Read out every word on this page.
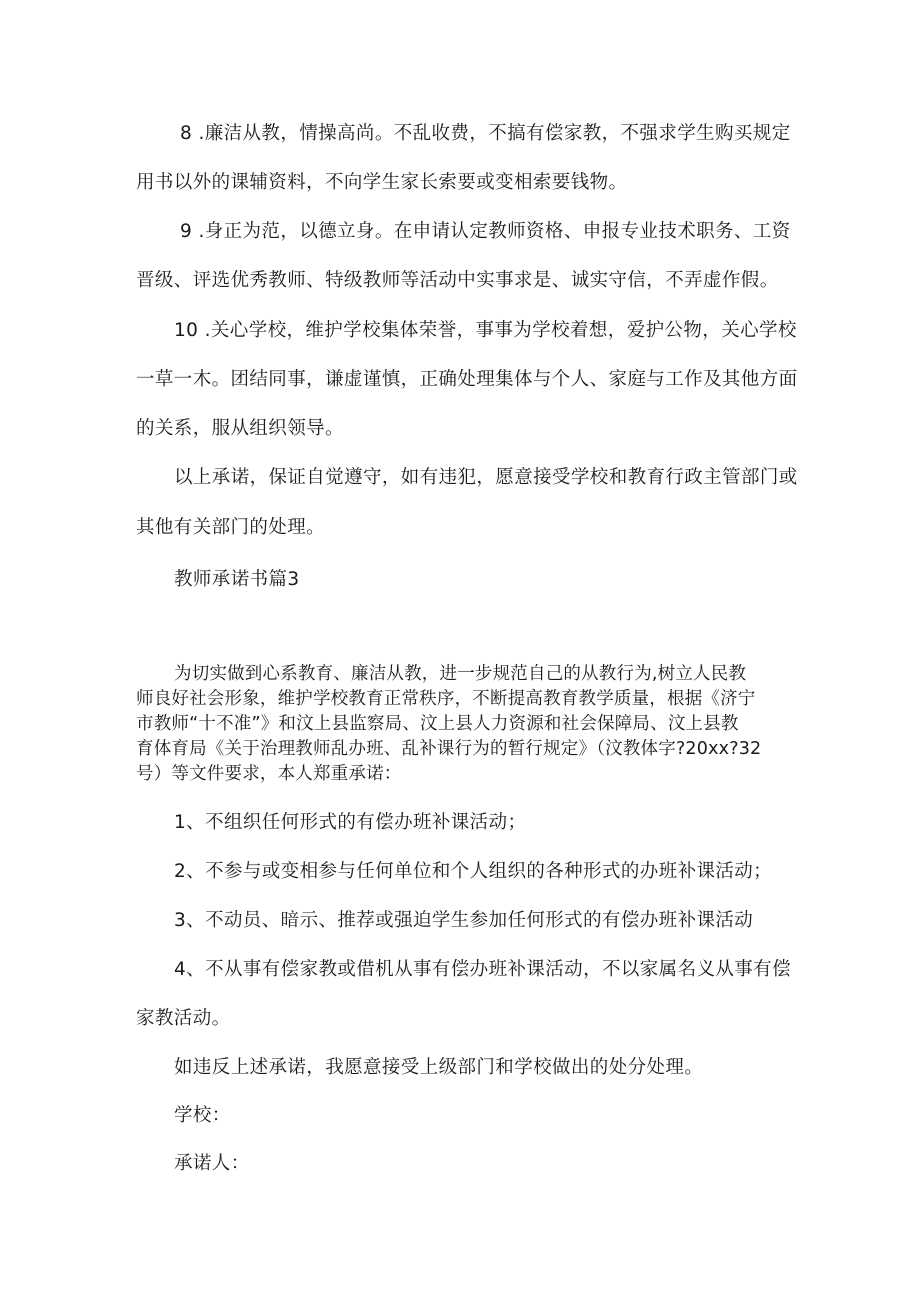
8 .廉洁从教，情操高尚。不乱收费，不搞有偿家教，不强求学生购买规定
用书以外的课辅资料，不向学生家长索要或变相索要钱物。
9 .身正为范，以德立身。在申请认定教师资格、申报专业技术职务、工资
晋级、评选优秀教师、特级教师等活动中实事求是、诚实守信，不弄虚作假。
10 .关心学校，维护学校集体荣誉，事事为学校着想，爱护公物，关心学校
一草一木。团结同事，谦虚谨慎，正确处理集体与个人、家庭与工作及其他方面
的关系，服从组织领导。
以上承诺，保证自觉遵守，如有违犯，愿意接受学校和教育行政主管部门或
其他有关部门的处理。
教师承诺书篇3
为切实做到心系教育、廉洁从教，进一步规范自己的从教行为,树立人民教
师良好社会形象，维护学校教育正常秩序，不断提高教育教学质量，根据《济宁
市教师“十不准”》和汶上县监察局、汶上县人力资源和社会保障局、汶上县教
育体育局《关于治理教师乱办班、乱补课行为的暂行规定》（汶教体字?20xx?32
号）等文件要求，本人郑重承诺：
1、不组织任何形式的有偿办班补课活动；
2、不参与或变相参与任何单位和个人组织的各种形式的办班补课活动；
3、不动员、暗示、推荐或强迫学生参加任何形式的有偿办班补课活动
4、不从事有偿家教或借机从事有偿办班补课活动，不以家属名义从事有偿
家教活动。
如违反上述承诺，我愿意接受上级部门和学校做出的处分处理。
学校：
承诺人：
